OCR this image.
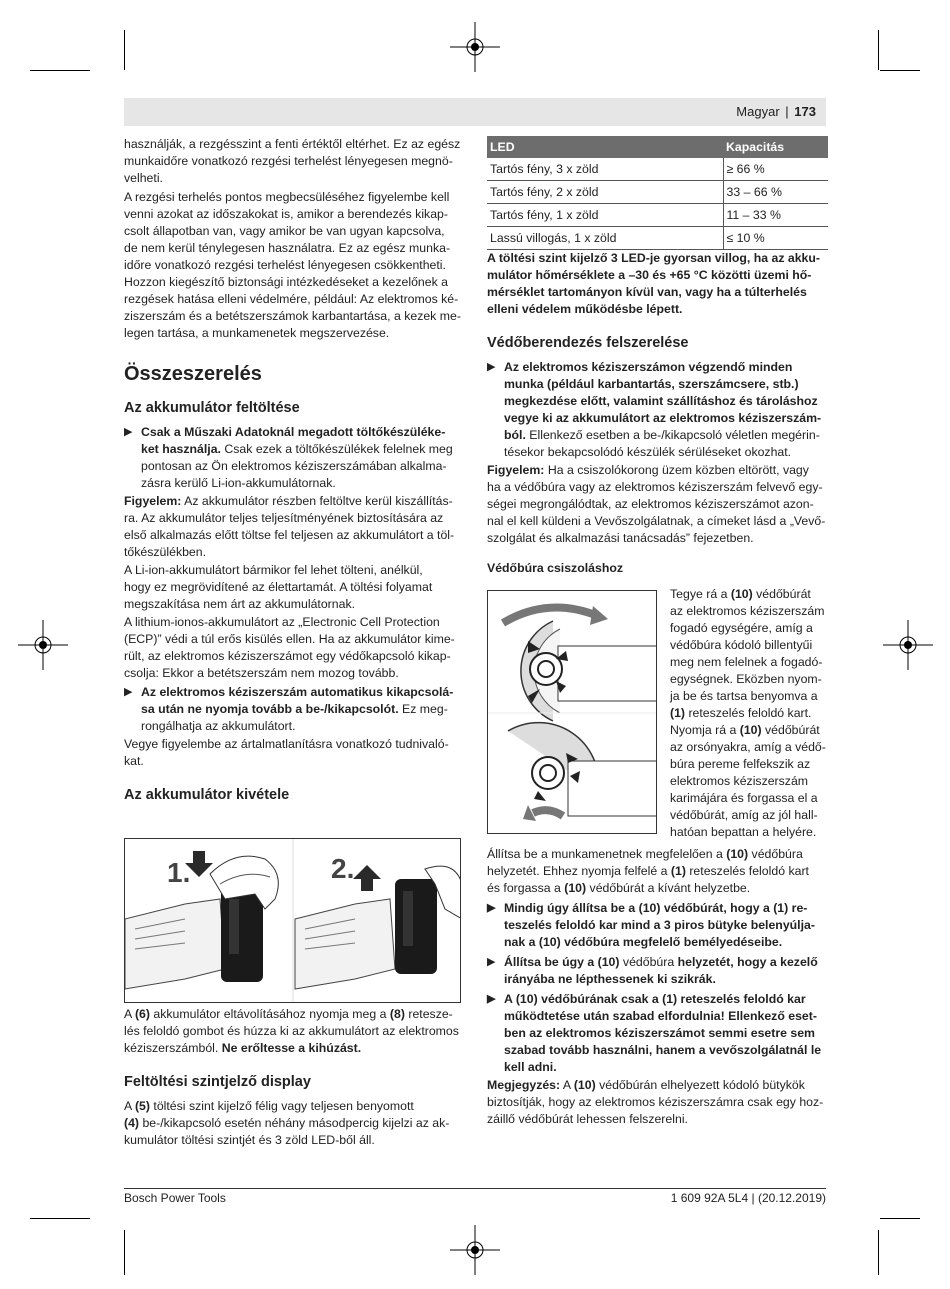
Magyar | 173
használják, a rezgésszint a fenti értéktől eltérhet. Ez az egész
munkaidőre vonatkozó rezgési terhelést lényegesen megnö-
velheti.
A rezgési terhelés pontos megbecsüléséhez figyelembe kell
venni azokat az időszakokat is, amikor a berendezés kikap-
csolt állapotban van, vagy amikor be van ugyan kapcsolva,
de nem kerül ténylegesen használatra. Ez az egész munka-
időre vonatkozó rezgési terhelést lényegesen csökkentheti.
Hozzon kiegészítő biztonsági intézkedéseket a kezelőnek a
rezgések hatása elleni védelmére, például: Az elektromos ké-
ziszerszám és a betétszerszámok karbantartása, a kezek me-
legen tartása, a munkamenetek megszervezése.
Összeszerelés
Az akkumulátor feltöltése
▶ Csak a Műszaki Adatoknál megadott töltőkészüléke-
ket használja. Csak ezek a töltőkészülékek felelnek meg
pontosan az Ön elektromos kéziszerszámában alkalma-
zásra kerülő Li-ion-akkumulátornak.
Figyelem: Az akkumulátor részben feltöltve kerül kiszállítás-
ra. Az akkumulátor teljes teljesítményének biztosítására az
első alkalmazás előtt töltse fel teljesen az akkumulátort a töl-
tőkészülékben.
A Li-ion-akkumulátort bármikor fel lehet tölteni, anélkül,
hogy ez megrövidítené az élettartamát. A töltési folyamat
megszakítása nem árt az akkumulátornak.
A lithium-ionos-akkumulátort az „Electronic Cell Protection
(ECP)” védi a túl erős kisülés ellen. Ha az akkumulátor kime-
rült, az elektromos kéziszerszámot egy védőkapcsoló kikap-
csolja: Ekkor a betétszerszám nem mozog tovább.
▶ Az elektromos kéziszerszám automatikus kikapcsolá-
sa után ne nyomja tovább a be-/kikapcsolót. Ez meg-
rongálhatja az akkumulátort.
Vegye figyelembe az ártalmatlanításra vonatkozó tudnivaló-
kat.
Az akkumulátor kivétele
1.	2.
A (6) akkumulátor eltávolításához nyomja meg a (8) retesze-
lés feloldó gombot és húzza ki az akkumulátort az elektromos
kéziszerszámból. Ne erőltesse a kihúzást.
Feltöltési szintjelző display
A (5) töltési szint kijelző félig vagy teljesen benyomott
(4) be-/kikapcsoló esetén néhány másodpercig kijelzi az ak-
kumulátor töltési szintjét és 3 zöld LED-ből áll.
LED	Kapacitás
Tartós fény, 3 x zöld	≥ 66 %
Tartós fény, 2 x zöld	33 – 66 %
Tartós fény, 1 x zöld	11 – 33 %
Lassú villogás, 1 x zöld	≤ 10 %
A töltési szint kijelző 3 LED-je gyorsan villog, ha az akku-
mulátor hőmérséklete a –30 és +65 °C közötti üzemi hő-
mérséklet tartományon kívül van, vagy ha a túlterhelés
elleni védelem működésbe lépett.
Védőberendezés felszerelése
▶ Az elektromos kéziszerszámon végzendő minden
munka (például karbantartás, szerszámcsere, stb.)
megkezdése előtt, valamint szállításhoz és tároláshoz
vegye ki az akkumulátort az elektromos kéziszerszám-
ból. Ellenkező esetben a be-/kikapcsoló véletlen megérin-
tésekor bekapcsolódó készülék sérüléseket okozhat.
Figyelem: Ha a csiszolókorong üzem közben eltörött, vagy
ha a védőbúra vagy az elektromos kéziszerszám felvevő egy-
ségei megrongálódtak, az elektromos kéziszerszámot azon-
nal el kell küldeni a Vevőszolgálatnak, a címeket lásd a „Vevő-
szolgálat és alkalmazási tanácsadás” fejezetben.
Védőbúra csiszoláshoz
Tegye rá a (10) védőbúrát
az elektromos kéziszerszám
fogadó egységére, amíg a
védőbúra kódoló billentyűi
meg nem felelnek a fogadó-
egységnek. Eközben nyom-
ja be és tartsa benyomva a
(1) reteszelés feloldó kart.
Nyomja rá a (10) védőbúrát
az orsónyakra, amíg a védő-
búra pereme felfekszik az
elektromos kéziszerszám
karimájára és forgassa el a
védőbúrát, amíg az jól hall-
hatóan bepattan a helyére.
Állítsa be a munkamenetnek megfelelően a (10) védőbúra
helyzetét. Ehhez nyomja felfelé a (1) reteszelés feloldó kart
és forgassa a (10) védőbúrát a kívánt helyzetbe.
▶ Mindig úgy állítsa be a (10) védőbúrát, hogy a (1) re-
teszelés feloldó kar mind a 3 piros bütyke belenyúlja-
nak a (10) védőbúra megfelelő bemélyedéseibe.
▶ Állítsa be úgy a (10) védőbúra helyzetét, hogy a kezelő
irányába ne lépthessenek ki szikrák.
▶ A (10) védőbúrának csak a (1) reteszelés feloldó kar
működtetése után szabad elfordulnia! Ellenkező eset-
ben az elektromos kéziszerszámot semmi esetre sem
szabad tovább használni, hanem a vevőszolgálatnál le
kell adni.
Megjegyzés: A (10) védőbúrán elhelyezett kódoló bütykök
biztosítják, hogy az elektromos kéziszerszámra csak egy hoz-
záillő védőbúrát lehessen felszerelni.
Bosch Power Tools	1 609 92A 5L4 | (20.12.2019)
